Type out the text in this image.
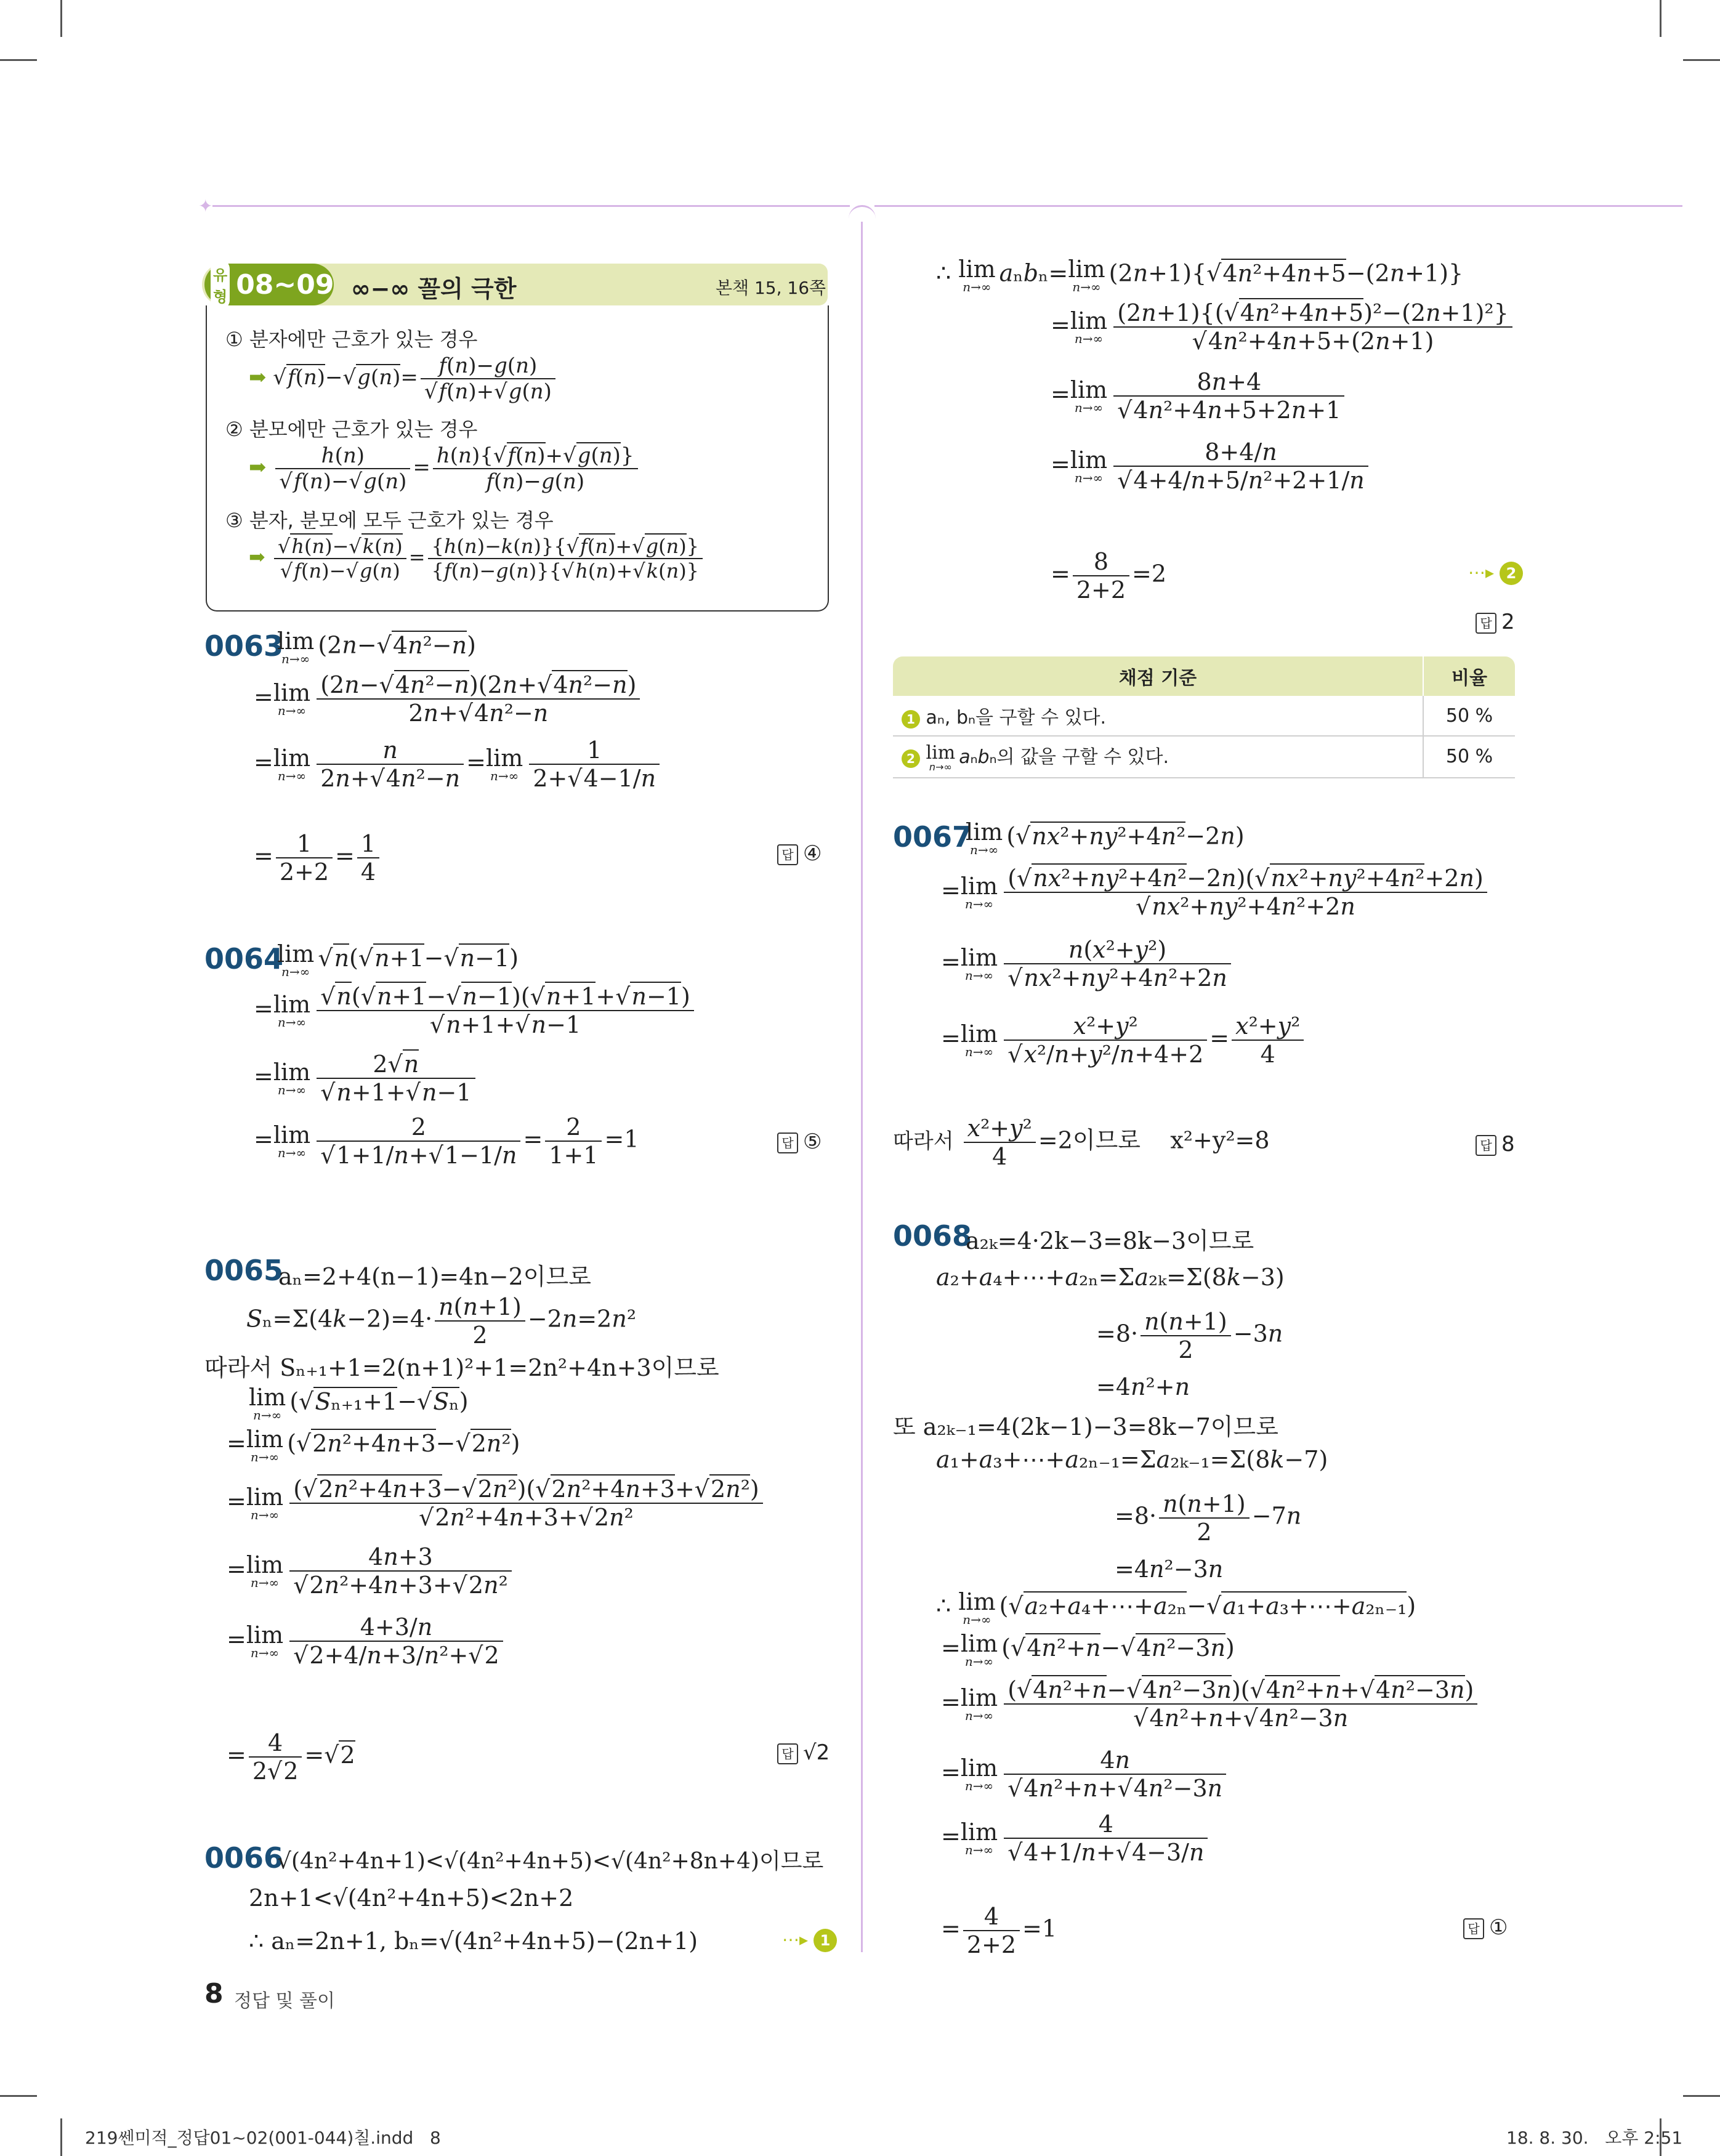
✦
유형 08~09 ∞−∞ 꼴의 극한	본책 15, 16쪽
① 분자에만 근호가 있는 경우
➡ $√f(n)-√g(n)= \frac{f(n)-g(n)}{√f(n)+√g(n)}$
② 분모에만 근호가 있는 경우
➡ $\frac{h(n)}{√f(n)-√g(n)} = \frac{h(n)\{√f(n)+√g(n)\}}{f(n)-g(n)}$
③ 분자, 분모에 모두 근호가 있는 경우
➡ $\frac{√h(n)-√k(n)}{√f(n)-√g(n)} = \frac{\{h(n)-k(n)\}\{√f(n)+√g(n)\}}{\{f(n)-g(n)\}\{√h(n)+√k(n)\}}$
0063
lim
n→∞
(2n−√4n²−n)
= lim
$n\to\infty \frac{\text{(2n−√4n²−n)(2n+√4n²−n)}}{\text{2n+√4n²−n}}$
= lim
$n\to\infty \frac{n}{\text{2n+√4n²−n}} = \lim$
$n\to\infty \frac{1}{2+√4-1/n}$
= $\frac{1}{2+2} = \frac{1}{4}$	답 ④
0064
lim
n→∞
√n(√n+1−√n−1)
= lim
$n\to\infty \frac{√n(√n+1-√n-1)(√n+1+√n-1)}{√n+1+√n-1}$
= lim
$n\to\infty \frac{2√n}{√n+1+√n-1}$
= lim
$n\to\infty \frac{2}{√1+1/n+√1-1/n} = \frac{2}{1+1} =1$	답 ⑤
0065
aₙ=2+4(n−1)=4n−2이므로
$S_n=\Sigma(4k-2)=4\cdot \frac{n(n+1)}{2} -2n=2n^2$
따라서 Sₙ₊₁+1=2(n+1)²+1=2n²+4n+3이므로
lim
n→∞
(√Sₙ₊₁+1−√Sₙ)
= lim
n→∞
(√2n²+4n+3−√2n²)
= lim
$n\to\infty \frac{\text{(√2n²+4n+3−√2n²)(√2n²+4n+3+√2n²)}}{\text{√2n²+4n+3+√2n²}}$
= lim
$n\to\infty \frac{4n+3}{\text{√2n²+4n+3+√2n²}}$
= lim
$n\to\infty \frac{4+3/n}{\text{√2+4/n+3/n²+√2}}$
= $\frac{4}{2√2} =√2$	답 √2
0066
√(4n²+4n+1)<√(4n²+4n+5)<√(4n²+8n+4)이므로
2n+1<√(4n²+4n+5)<2n+2
∴ aₙ=2n+1, bₙ=√(4n²+4n+5)−(2n+1)	⋯▸ 1
8 정답 및 풀이
∴ lim
n→∞
aₙbₙ= lim
n→∞
(2n+1){√4n²+4n+5−(2n+1)}
= lim
$n\to\infty \frac{\text{(2n+1)\{(√4n²+4n+5)²−(2n+1)²\}}}{\text{√4n²+4n+5+(2n+1)}}$
= lim
$n\to\infty \frac{8n+4}{\text{√4n²+4n+5+2n+1}}$
= lim
$n\to\infty \frac{8+4/n}{\text{√4+4/n+5/n²+2+1/n}}$
= $\frac{8}{2+2} =2$	⋯▸ 2
답 2
채점 기준	비율
1 aₙ, bₙ을 구할 수 있다.	50 %
2 lim
n→∞ aₙbₙ의 값을 구할 수 있다.	50 %
0067
lim
n→∞
(√nx²+ny²+4n²−2n)
= lim
$n\to\infty \frac{\text{(√nx²+ny²+4n²−2n)(√nx²+ny²+4n²+2n)}}{\text{√nx²+ny²+4n²+2n}}$
= lim
$n\to\infty \frac{\text{n(x²+y²)}}{\text{√nx²+ny²+4n²+2n}}$
= lim
$n\to\infty \frac{\text{x²+y²}}{\text{√x²/n+y²/n+4+2}} = \frac{\text{x²+y²}}{4}$
따라서 $\frac{\text{x²+y²}}{4} =2$이므로 x²+y²=8	답 8
0068
a₂ₖ=4·2k−3=8k−3이므로
a₂+a₄+⋯+a₂ₙ=Σa₂ₖ=Σ(8k−3)
$=8\cdot \frac{n(n+1)}{2} -3n$
=4n²+n
또 a₂ₖ₋₁=4(2k−1)−3=8k−7이므로
a₁+a₃+⋯+a₂ₙ₋₁=Σa₂ₖ₋₁=Σ(8k−7)
$=8\cdot \frac{n(n+1)}{2} -7n$
=4n²−3n
∴ lim
n→∞
(√a₂+a₄+⋯+a₂ₙ−√a₁+a₃+⋯+a₂ₙ₋₁)
= lim
n→∞
(√4n²+n−√4n²−3n)
= lim
$n\to\infty \frac{\text{(√4n²+n−√4n²−3n)(√4n²+n+√4n²−3n)}}{\text{√4n²+n+√4n²−3n}}$
= lim
$n\to\infty \frac{4n}{\text{√4n²+n+√4n²−3n}}$
= lim
$n\to\infty \frac{4}{√4+1/n+√4-3/n}$
= $\frac{4}{2+2} =1$	답 ①
219쎈미적_정답01~02(001-044)칠.indd   8	18. 8. 30.   오후 2:51
